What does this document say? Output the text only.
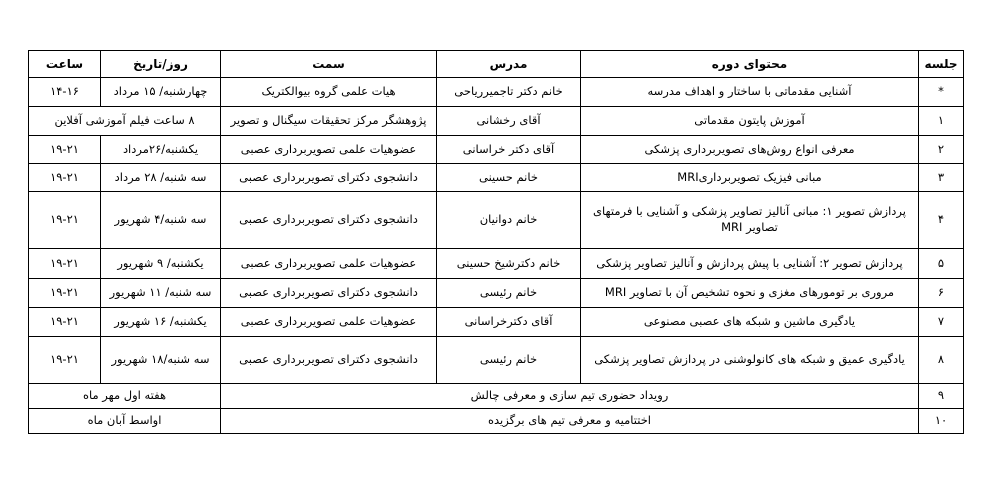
جلسه	محتوای دوره	مدرس	سمت	روز/تاریخ	ساعت
*	آشنایی مقدماتی با ساختار و اهداف مدرسه	خانم دکتر تاجمیرریاحی	هیات علمی گروه بیوالکتریک	چهارشنبه/ ۱۵ مرداد	۱۴-۱۶
۱	آموزش پایتون مقدماتی	آقای رخشانی	پژوهشگر مرکز تحقیقات سیگنال و تصویر	۸ ساعت فیلم آموزشی آفلاین	
۲	معرفی انواع روش‌های تصویربرداری پزشکی	آقای دکتر خراسانی	عضوهیات علمی تصویربرداری عصبی	یکشنبه/۲۶مرداد	۱۹-۲۱
۳	مبانی فیزیک تصویربرداریMRI	خانم حسینی	دانشجوی دکترای تصویربرداری عصبی	سه شنبه/ ۲۸ مرداد	۱۹-۲۱
۴	پردازش تصویر ۱: مبانی آنالیز تصاویر پزشکی و آشنایی با فرمتهای تصاویر MRI	خانم دوانیان	دانشجوی دکترای تصویربرداری عصبی	سه شنبه/۴ شهریور	۱۹-۲۱
۵	پردازش تصویر ۲: آشنایی با پیش پردازش و آنالیز تصاویر پزشکی	خانم دکترشیخ حسینی	عضوهیات علمی تصویربرداری عصبی	یکشنبه/ ۹ شهریور	۱۹-۲۱
۶	مروری بر تومورهای مغزی و نحوه تشخیص آن با تصاویر MRI	خانم رئیسی	دانشجوی دکترای تصویربرداری عصبی	سه شنبه/ ۱۱ شهریور	۱۹-۲۱
۷	یادگیری ماشین و شبکه های عصبی مصنوعی	آقای دکترخراسانی	عضوهیات علمی تصویربرداری عصبی	یکشنبه/ ۱۶ شهریور	۱۹-۲۱
۸	یادگیری عمیق و شبکه های کانولوشنی در پردازش تصاویر پزشکی	خانم رئیسی	دانشجوی دکترای تصویربرداری عصبی	سه شنبه/۱۸ شهریور	۱۹-۲۱
۹	رویداد حضوری تیم سازی و معرفی چالش			هفته اول مهر ماه	
۱۰	اختتامیه و معرفی تیم های برگزیده			اواسط آبان ماه	
